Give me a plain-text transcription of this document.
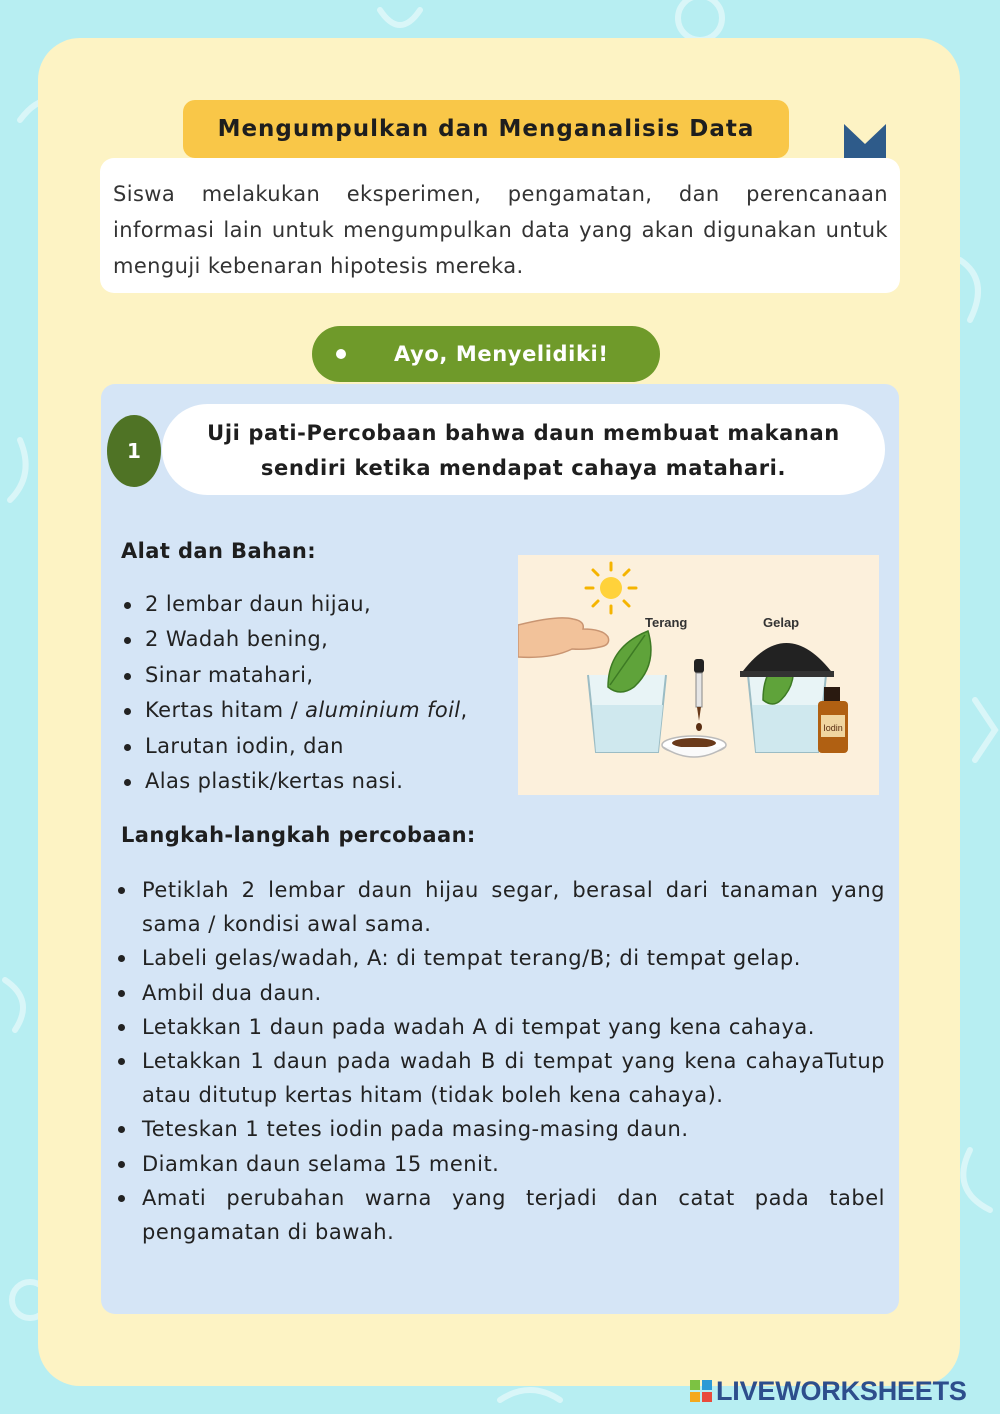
Mengumpulkan dan Menganalisis Data
Siswa melakukan eksperimen, pengamatan, dan perencanaan informasi lain untuk mengumpulkan data yang akan digunakan untuk menguji kebenaran hipotesis mereka.
Ayo, Menyelidiki!
1
Uji pati-Percobaan bahwa daun membuat makanan
sendiri ketika mendapat cahaya matahari.
Alat dan Bahan:
2 lembar daun hijau,
2 Wadah bening,
Sinar matahari,
Kertas hitam / aluminium foil,
Larutan iodin, dan
Alas plastik/kertas nasi.
Terang	Gelap
Iodin
Langkah-langkah percobaan:
Petiklah 2 lembar daun hijau segar, berasal dari tanaman yang sama / kondisi awal sama.
Labeli gelas/wadah, A: di tempat terang/B; di tempat gelap.
Ambil dua daun.
Letakkan 1 daun pada wadah A di tempat yang kena cahaya.
Letakkan 1 daun pada wadah B di tempat yang kena cahayaTutup atau ditutup kertas hitam (tidak boleh kena cahaya).
Teteskan 1 tetes iodin pada masing-masing daun.
Diamkan daun selama 15 menit.
Amati perubahan warna yang terjadi dan catat pada tabel pengamatan di bawah.
LIVEWORKSHEETS
